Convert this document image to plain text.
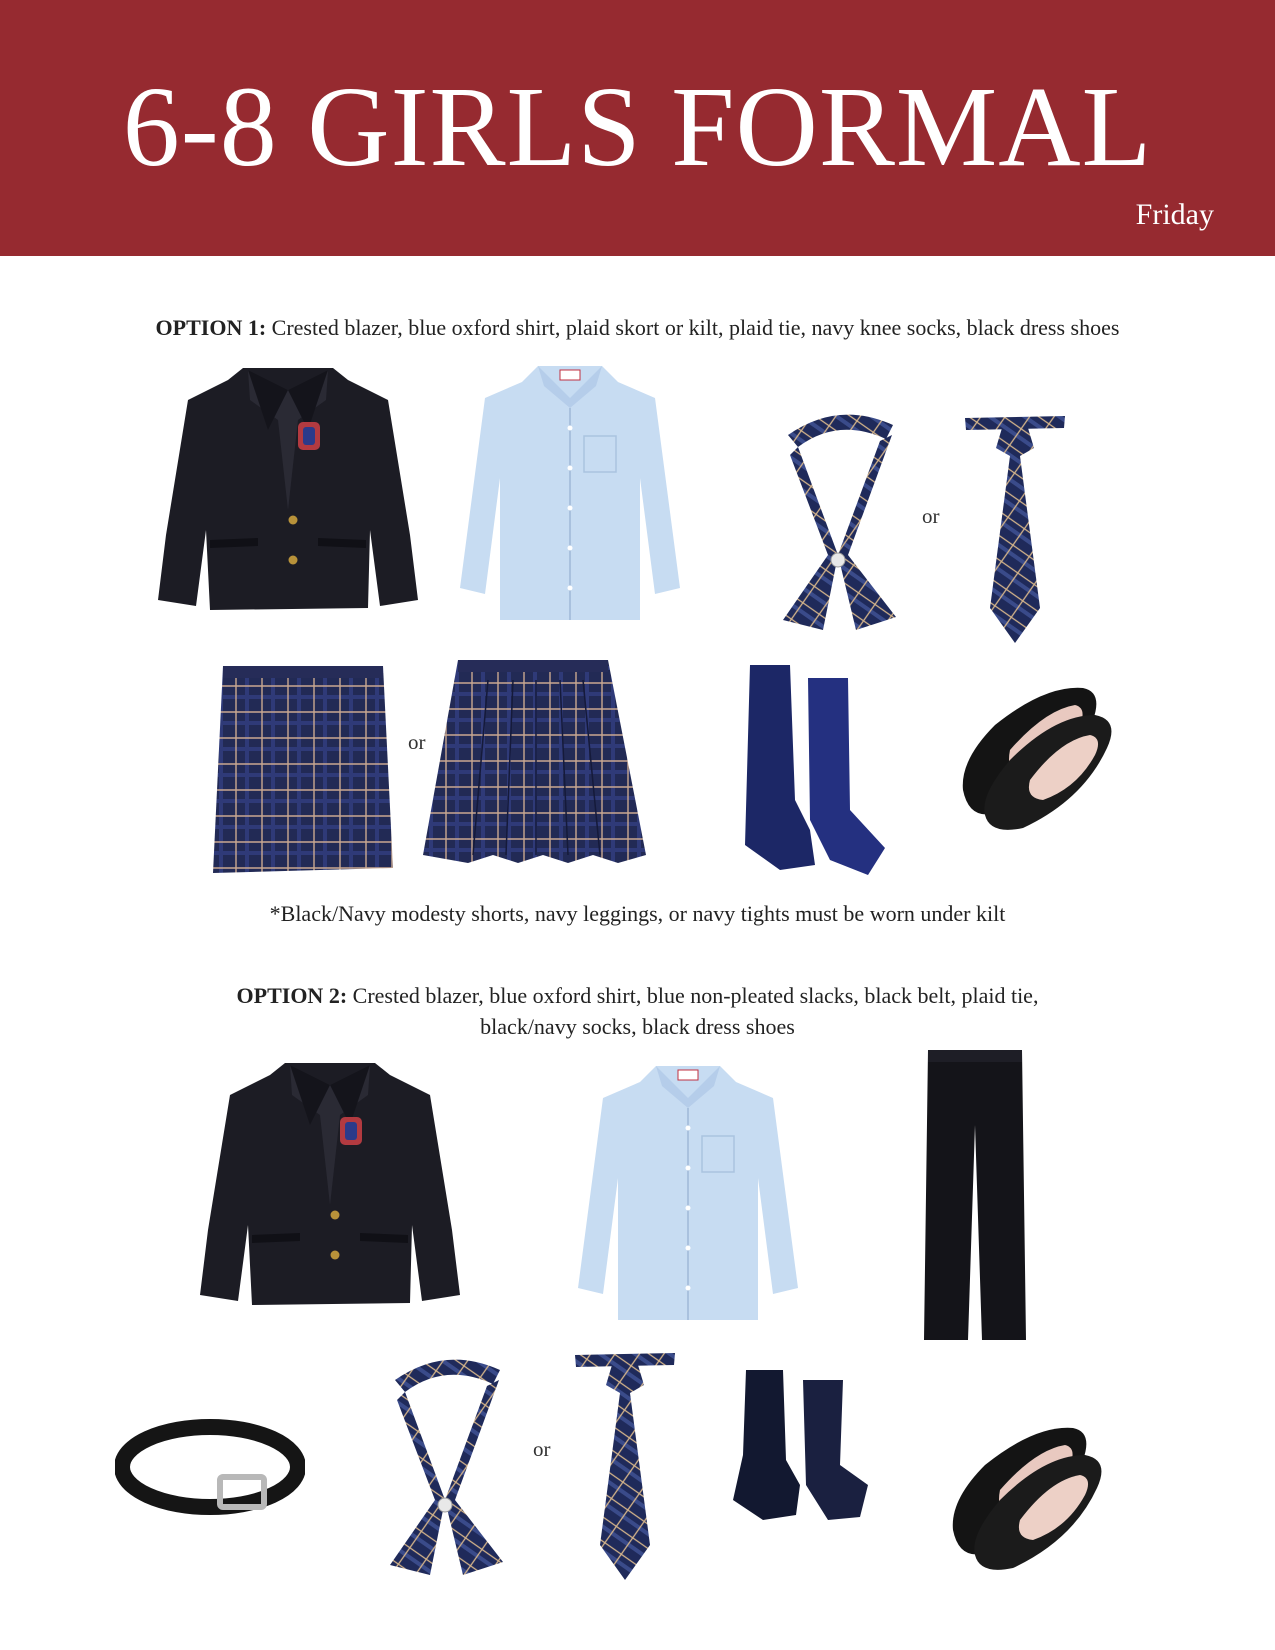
6-8 GIRLS FORMAL
Friday
OPTION 1: Crested blazer, blue oxford shirt, plaid skort or kilt, plaid tie, navy knee socks, black dress shoes
or
or
*Black/Navy modesty shorts, navy leggings, or navy tights must be worn under kilt
OPTION 2: Crested blazer, blue oxford shirt, blue non-pleated slacks, black belt, plaid tie,
black/navy socks, black dress shoes
or
